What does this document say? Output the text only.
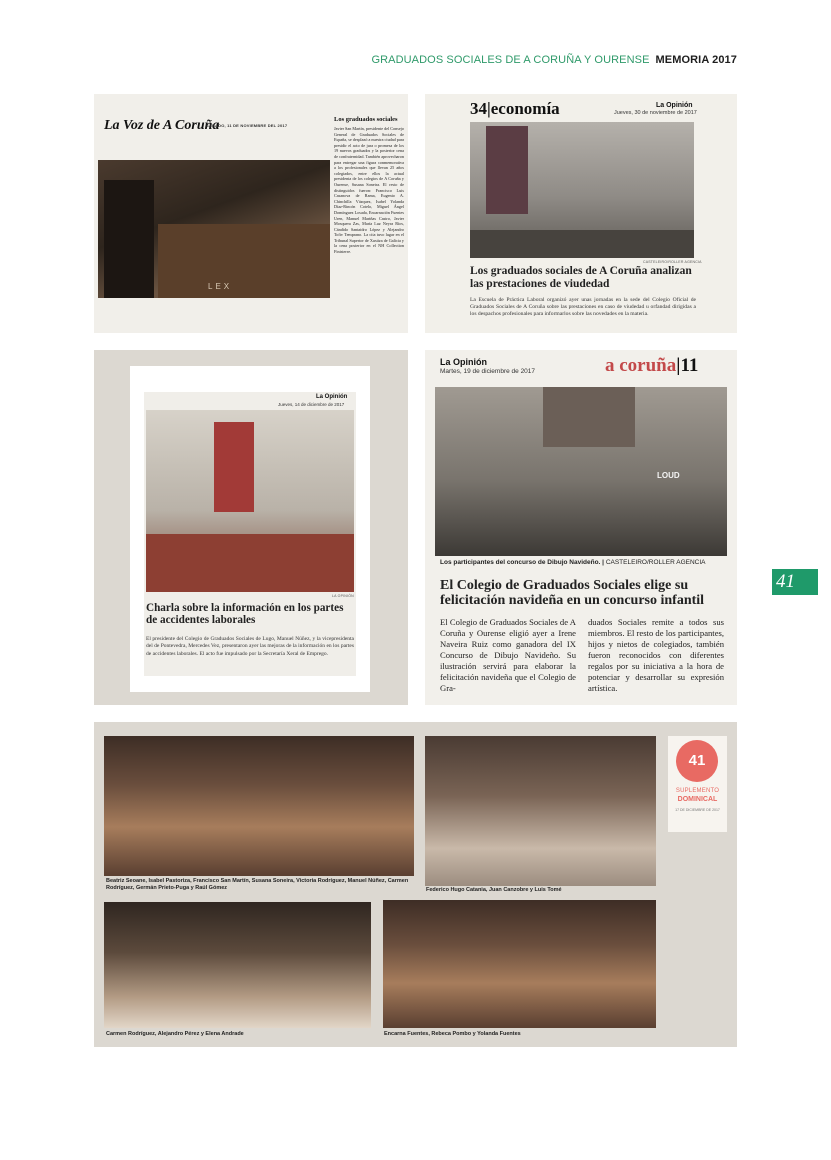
GRADUADOS SOCIALES DE A CORUÑA Y OURENSE MEMORIA 2017
41
La Voz de A Coruña
SÁBADO, 11 DE NOVIEMBRE DEL 2017
LEX
Los graduados sociales
Javier San Martín, presidente del Consejo General de Graduados Sociales de España, se desplazó a nuestra ciudad para presidir el acto de jura o promesa de los 19 nuevos graduados y la posterior cena de confraternidad. También aprovecharon para entregar una figura conmemorativa a los profesionales que llevan 25 años colegiados, entre ellos la actual presidenta de los colegios de A Coruña y Ourense, Susana Soneira. El resto de distinguidos fueron: Francisco Luis Casanova de Rama, Eugenio A. Chinchilla Vázquez, Isabel Yolanda Díaz-Rincón Cotelo, Miguel Ángel Domínguez Losada, Encarnación Fuentes Uren, Manuel Mariñas Castro, Javier Mosquera Zas, María Luz Neyra Ríos, Cándido Santaidro López y Alejandro Tofiv Temprano. La cita tuvo lugar en el Tribunal Superior de Xustiza de Galicia y la cena posterior en el NH Collection Finisterre.
34|economía	La Opinión
Jueves, 30 de noviembre de 2017
CASTELEIRO/ROLLER AGENCIA
Los graduados sociales de A Coruña analizan las prestaciones de viudedad
La Escuela de Práctica Laboral organizó ayer unas jornadas en la sede del Colegio Oficial de Graduados Sociales de A Coruña sobre las prestaciones en caso de viudedad u orfandad dirigidas a los despachos profesionales para informarlos sobre las novedades en la materia.
La Opinión
Jueves, 14 de diciembre de 2017
LA OPINIÓN
Charla sobre la información en los partes de accidentes laborales
El presidente del Colegio de Graduados Sociales de Lugo, Manuel Núñez, y la vicepresidenta del de Pontevedra, Mercedes Vez, presentaron ayer las mejoras de la información en los partes de accidentes laborales. El acto fue impulsado por la Secretaría Xeral de Emprego.
La Opinión
Martes, 19 de diciembre de 2017	a coruña|11
LOUD
Los participantes del concurso de Dibujo Navideño. | CASTELEIRO/ROLLER AGENCIA
El Colegio de Graduados Sociales elige su felicitación navideña en un concurso infantil
El Colegio de Graduados Sociales de A Coruña y Ourense eligió ayer a Irene Naveira Ruiz como ganadora del IX Concurso de Dibujo Navideño. Su ilustración servirá para elaborar la felicitación navideña que el Colegio de Gra-
duados Sociales remite a todos sus miembros. El resto de los participantes, hijos y nietos de colegiados, también fueron reconocidos con diferentes regalos por su iniciativa a la hora de potenciar y desarrollar su expresión artística.
Beatriz Seoane, Isabel Pastoriza, Francisco San Martín, Susana Soneira, Victoria Rodríguez, Manuel Núñez, Carmen Rodríguez, Germán Prieto-Puga y Raúl Gómez	Federico Hugo Catania, Juan Canzobre y Luis Tomé
Carmen Rodríguez, Alejandro Pérez y Elena Andrade	Encarna Fuentes, Rebeca Pombo y Yolanda Fuentes
41
SUPLEMENTO
DOMINICAL
17 DE DICIEMBRE DE 2017
